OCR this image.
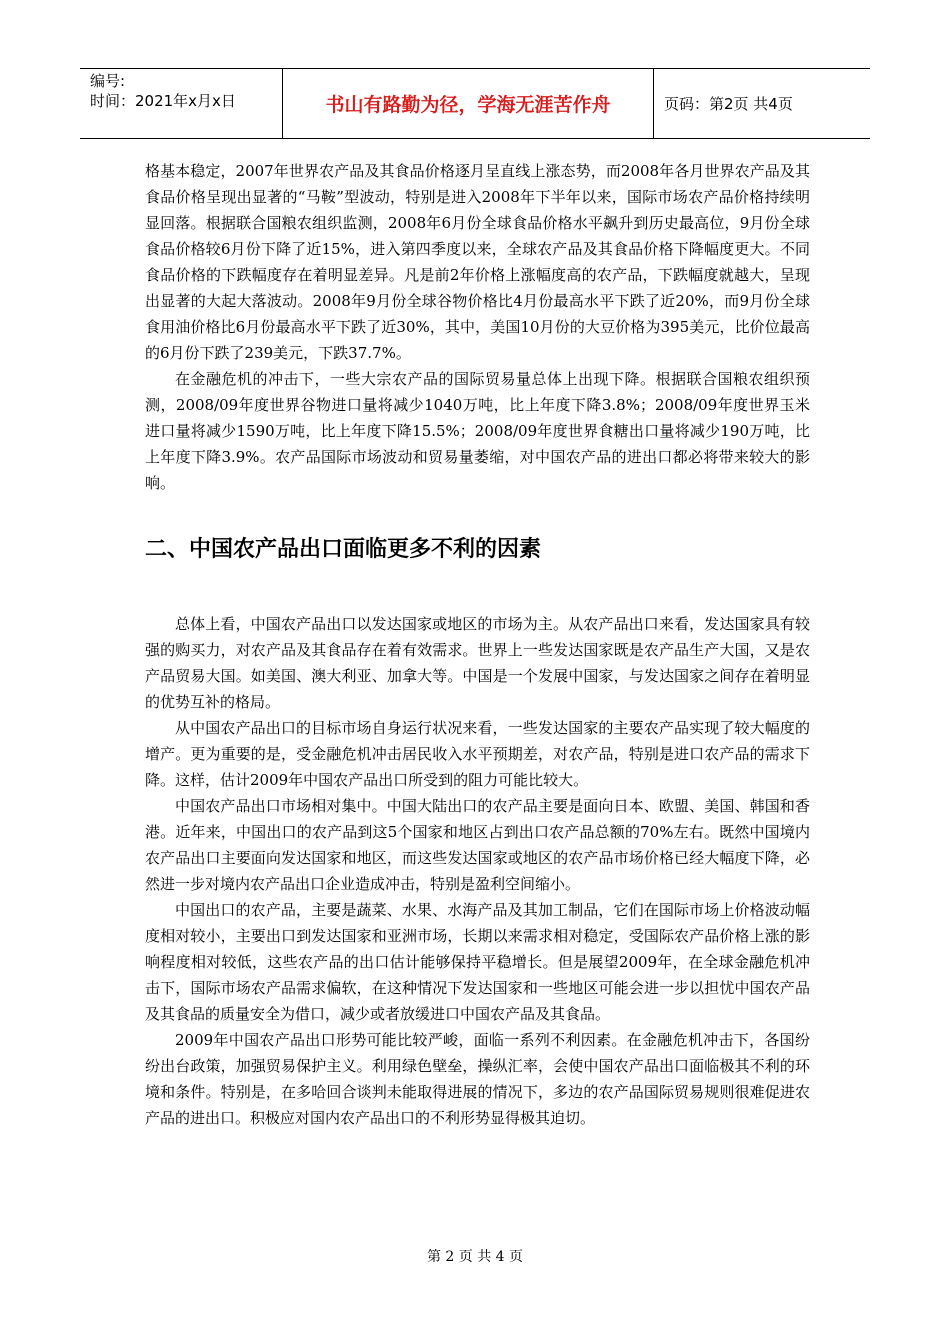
编号:
时间：2021年x月x日	书山有路勤为径，学海无涯苦作舟	页码：第2页 共4页

格基本稳定，2007年世界农产品及其食品价格逐月呈直线上涨态势，而2008年各月世界农产品及其食品价格呈现出显著的“马鞍”型波动，特别是进入2008年下半年以来，国际市场农产品价格持续明显回落。根据联合国粮农组织监测，2008年6月份全球食品价格水平飙升到历史最高位，9月份全球食品价格较6月份下降了近15%，进入第四季度以来，全球农产品及其食品价格下降幅度更大。不同食品价格的下跌幅度存在着明显差异。凡是前2年价格上涨幅度高的农产品，下跌幅度就越大，呈现出显著的大起大落波动。2008年9月份全球谷物价格比4月份最高水平下跌了近20%，而9月份全球食用油价格比6月份最高水平下跌了近30%，其中，美国10月份的大豆价格为395美元，比价位最高的6月份下跌了239美元，下跌37.7%。

在金融危机的冲击下，一些大宗农产品的国际贸易量总体上出现下降。根据联合国粮农组织预测，2008/09年度世界谷物进口量将减少1040万吨，比上年度下降3.8%；2008/09年度世界玉米进口量将减少1590万吨，比上年度下降15.5%；2008/09年度世界食糖出口量将减少190万吨，比上年度下降3.9%。农产品国际市场波动和贸易量萎缩，对中国农产品的进出口都必将带来较大的影响。

二、中国农产品出口面临更多不利的因素

总体上看，中国农产品出口以发达国家或地区的市场为主。从农产品出口来看，发达国家具有较强的购买力，对农产品及其食品存在着有效需求。世界上一些发达国家既是农产品生产大国，又是农产品贸易大国。如美国、澳大利亚、加拿大等。中国是一个发展中国家，与发达国家之间存在着明显的优势互补的格局。

从中国农产品出口的目标市场自身运行状况来看，一些发达国家的主要农产品实现了较大幅度的增产。更为重要的是，受金融危机冲击居民收入水平预期差，对农产品，特别是进口农产品的需求下降。这样，估计2009年中国农产品出口所受到的阻力可能比较大。

中国农产品出口市场相对集中。中国大陆出口的农产品主要是面向日本、欧盟、美国、韩国和香港。近年来，中国出口的农产品到这5个国家和地区占到出口农产品总额的70%左右。既然中国境内农产品出口主要面向发达国家和地区，而这些发达国家或地区的农产品市场价格已经大幅度下降，必然进一步对境内农产品出口企业造成冲击，特别是盈利空间缩小。

中国出口的农产品，主要是蔬菜、水果、水海产品及其加工制品，它们在国际市场上价格波动幅度相对较小，主要出口到发达国家和亚洲市场，长期以来需求相对稳定，受国际农产品价格上涨的影响程度相对较低，这些农产品的出口估计能够保持平稳增长。但是展望2009年，在全球金融危机冲击下，国际市场农产品需求偏软，在这种情况下发达国家和一些地区可能会进一步以担忧中国农产品及其食品的质量安全为借口，减少或者放缓进口中国农产品及其食品。

2009年中国农产品出口形势可能比较严峻，面临一系列不利因素。在金融危机冲击下，各国纷纷出台政策，加强贸易保护主义。利用绿色壁垒，操纵汇率，会使中国农产品出口面临极其不利的环境和条件。特别是，在多哈回合谈判未能取得进展的情况下，多边的农产品国际贸易规则很难促进农产品的进出口。积极应对国内农产品出口的不利形势显得极其迫切。

第 2 页 共 4 页
